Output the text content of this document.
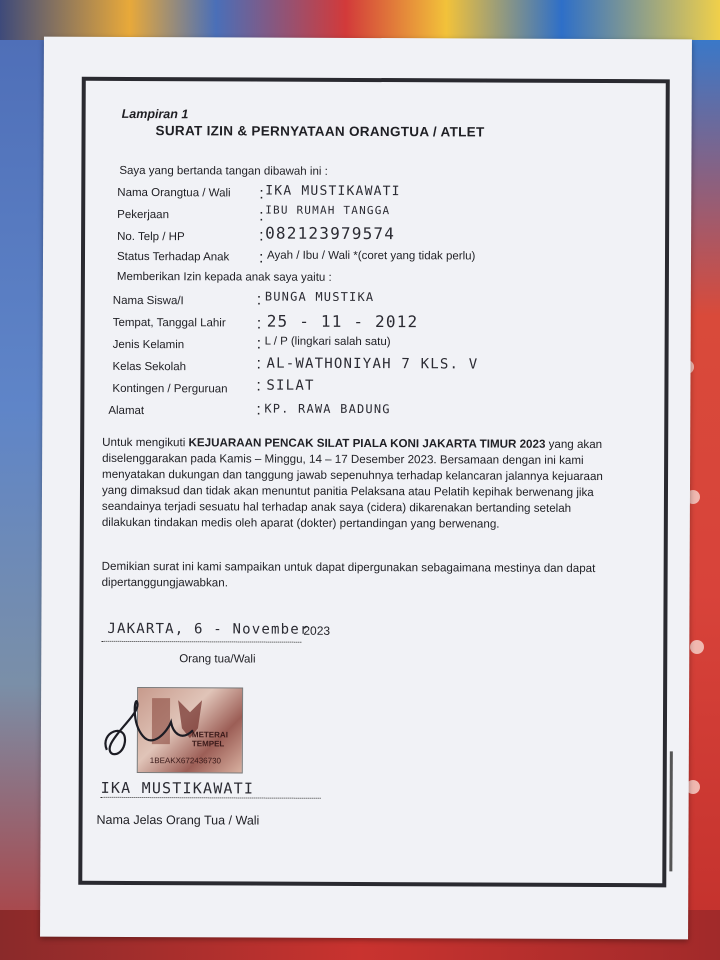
Lampiran 1
SURAT IZIN & PERNYATAAN ORANGTUA / ATLET
Saya yang bertanda tangan dibawah ini :
Nama Orangtua / Wali : IKA MUSTIKAWATI
Pekerjaan	: IBU RUMAH TANGGA
No. Telp / HP	: 082123979574
Status Terhadap Anak : Ayah / Ibu / Wali *(coret yang tidak perlu)
Memberikan Izin kepada anak saya yaitu :
Nama Siswa/I	: BUNGA MUSTIKA
Tempat, Tanggal Lahir : 25 - 11 - 2012
Jenis Kelamin	: L / P (lingkari salah satu)
Kelas Sekolah	: AL-WATHONIYAH 7 KLS. V
Kontingen / Perguruan : SILAT
Alamat	: KP. RAWA BADUNG
Untuk mengikuti KEJUARAAN PENCAK SILAT PIALA KONI JAKARTA TIMUR 2023 yang akan diselenggarakan pada Kamis – Minggu, 14 – 17 Desember 2023. Bersamaan dengan ini kami menyatakan dukungan dan tanggung jawab sepenuhnya terhadap kelancaran jalannya kejuaraan yang dimaksud dan tidak akan menuntut panitia Pelaksana atau Pelatih kepihak berwenang jika seandainya terjadi sesuatu hal terhadap anak saya (cidera) dikarenakan bertanding setelah dilakukan tindakan medis oleh aparat (dokter) pertandingan yang berwenang.
Demikian surat ini kami sampaikan untuk dapat dipergunakan sebagaimana mestinya dan dapat dipertanggungjawabkan.
JAKARTA, 6 - November
2023
Orang tua/Wali
METERAI TEMPEL
1BEAKX672436730
IKA MUSTIKAWATI
Nama Jelas Orang Tua / Wali
